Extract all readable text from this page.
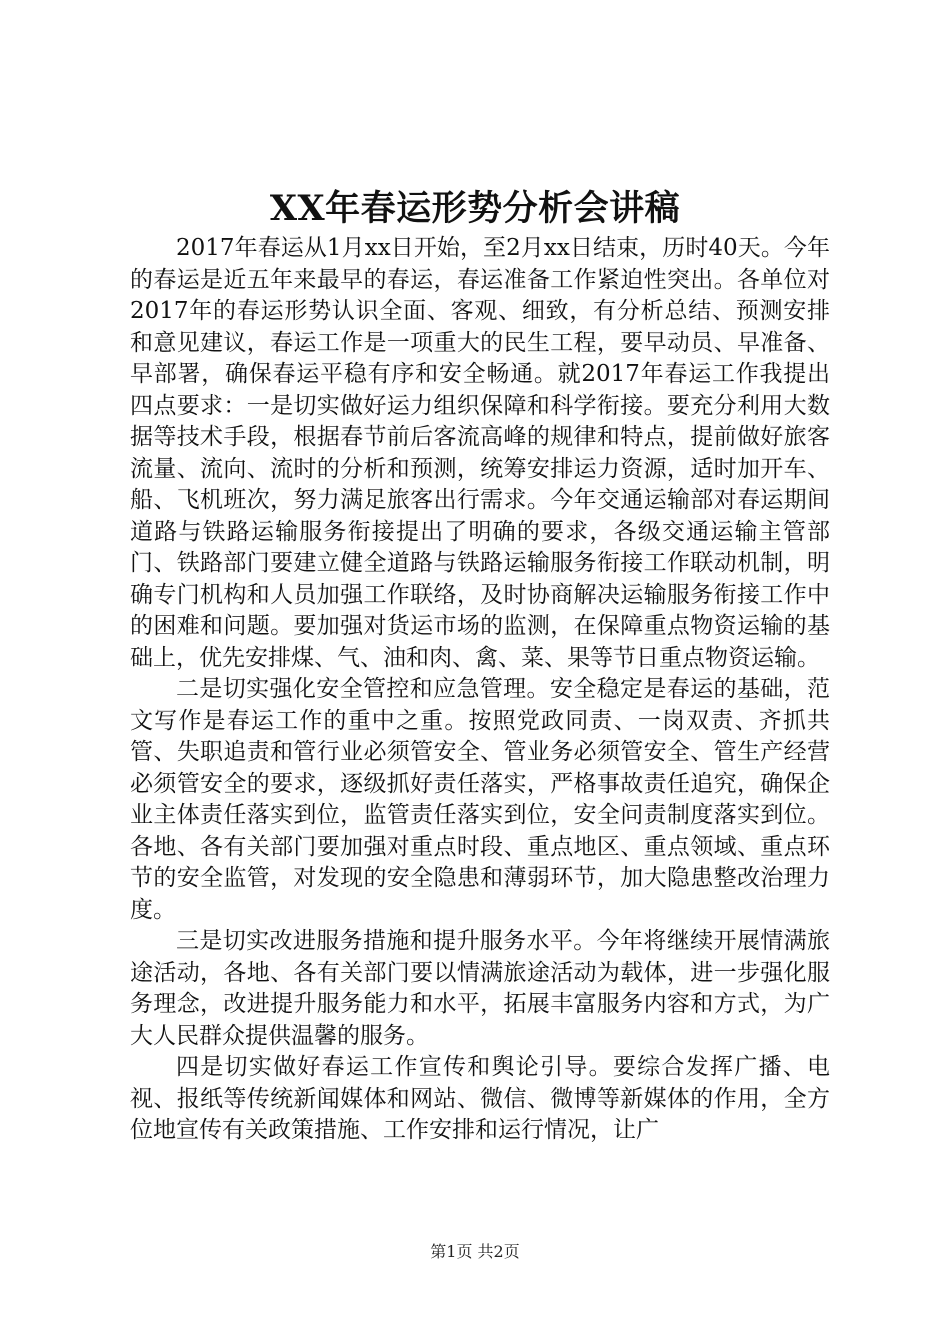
XX年春运形势分析会讲稿

2017年春运从1月xx日开始，至2月xx日结束，历时40天。今年的春运是近五年来最早的春运，春运准备工作紧迫性突出。各单位对2017年的春运形势认识全面、客观、细致，有分析总结、预测安排和意见建议，春运工作是一项重大的民生工程，要早动员、早准备、早部署，确保春运平稳有序和安全畅通。就2017年春运工作我提出四点要求：一是切实做好运力组织保障和科学衔接。要充分利用大数据等技术手段，根据春节前后客流高峰的规律和特点，提前做好旅客流量、流向、流时的分析和预测，统筹安排运力资源，适时加开车、船、飞机班次，努力满足旅客出行需求。今年交通运输部对春运期间道路与铁路运输服务衔接提出了明确的要求，各级交通运输主管部门、铁路部门要建立健全道路与铁路运输服务衔接工作联动机制，明确专门机构和人员加强工作联络，及时协商解决运输服务衔接工作中的困难和问题。要加强对货运市场的监测，在保障重点物资运输的基础上，优先安排煤、气、油和肉、禽、菜、果等节日重点物资运输。

二是切实强化安全管控和应急管理。安全稳定是春运的基础，范文写作是春运工作的重中之重。按照党政同责、一岗双责、齐抓共管、失职追责和管行业必须管安全、管业务必须管安全、管生产经营必须管安全的要求，逐级抓好责任落实，严格事故责任追究，确保企业主体责任落实到位，监管责任落实到位，安全问责制度落实到位。各地、各有关部门要加强对重点时段、重点地区、重点领域、重点环节的安全监管，对发现的安全隐患和薄弱环节，加大隐患整改治理力度。

三是切实改进服务措施和提升服务水平。今年将继续开展情满旅途活动，各地、各有关部门要以情满旅途活动为载体，进一步强化服务理念，改进提升服务能力和水平，拓展丰富服务内容和方式，为广大人民群众提供温馨的服务。

四是切实做好春运工作宣传和舆论引导。要综合发挥广播、电视、报纸等传统新闻媒体和网站、微信、微博等新媒体的作用，全方位地宣传有关政策措施、工作安排和运行情况，让广

第1页 共2页
